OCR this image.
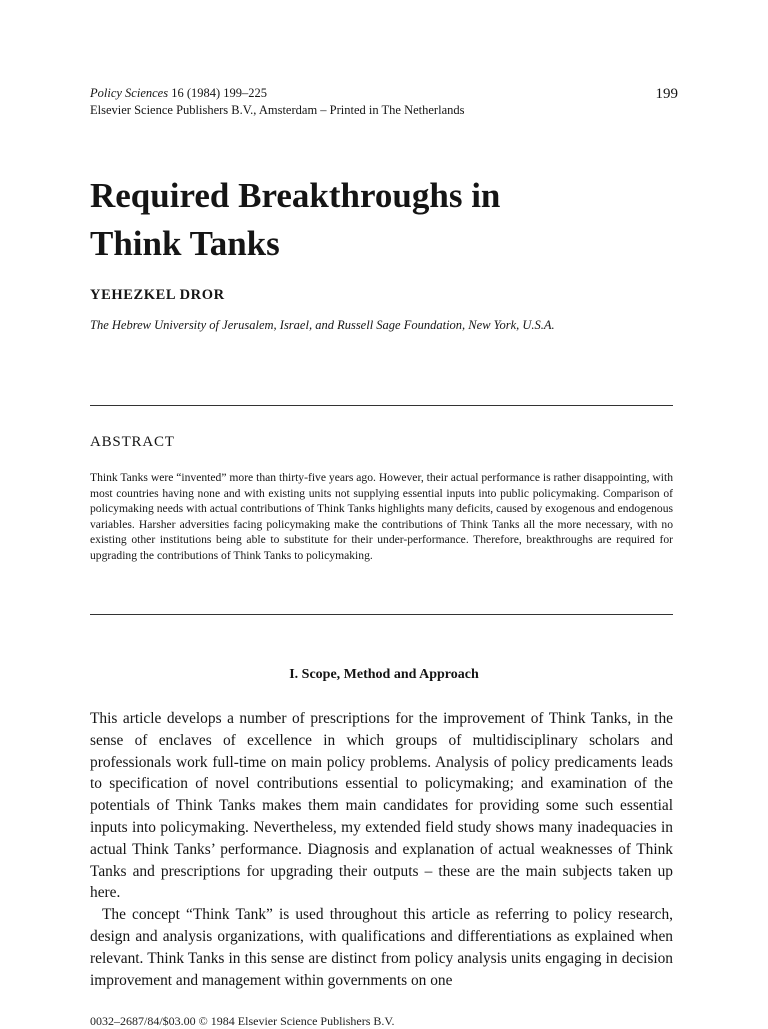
Policy Sciences 16 (1984) 199–225
Elsevier Science Publishers B.V., Amsterdam – Printed in The Netherlands
199
Required Breakthroughs in
Think Tanks
YEHEZKEL DROR
The Hebrew University of Jerusalem, Israel, and Russell Sage Foundation, New York, U.S.A.
ABSTRACT

Think Tanks were “invented” more than thirty-five years ago. However, their actual performance is rather disappointing, with most countries having none and with existing units not supplying essential inputs into public policymaking. Comparison of policymaking needs with actual contributions of Think Tanks highlights many deficits, caused by exogenous and endogenous variables. Harsher adversities facing policymaking make the contributions of Think Tanks all the more necessary, with no existing other institutions being able to substitute for their under-performance. Therefore, breakthroughs are required for upgrading the contributions of Think Tanks to policymaking.

I. Scope, Method and Approach

This article develops a number of prescriptions for the improvement of Think Tanks, in the sense of enclaves of excellence in which groups of multidisciplinary scholars and professionals work full-time on main policy problems. Analysis of policy predicaments leads to specification of novel contributions essential to policymaking; and examination of the potentials of Think Tanks makes them main candidates for providing some such essential inputs into policymaking. Nevertheless, my extended field study shows many inadequacies in actual Think Tanks’ performance. Diagnosis and explanation of actual weaknesses of Think Tanks and prescriptions for upgrading their outputs – these are the main subjects taken up here.

The concept “Think Tank” is used throughout this article as referring to policy research, design and analysis organizations, with qualifications and differentiations as explained when relevant. Think Tanks in this sense are distinct from policy analysis units engaging in decision improvement and management within governments on one

0032–2687/84/$03.00 © 1984 Elsevier Science Publishers B.V.
